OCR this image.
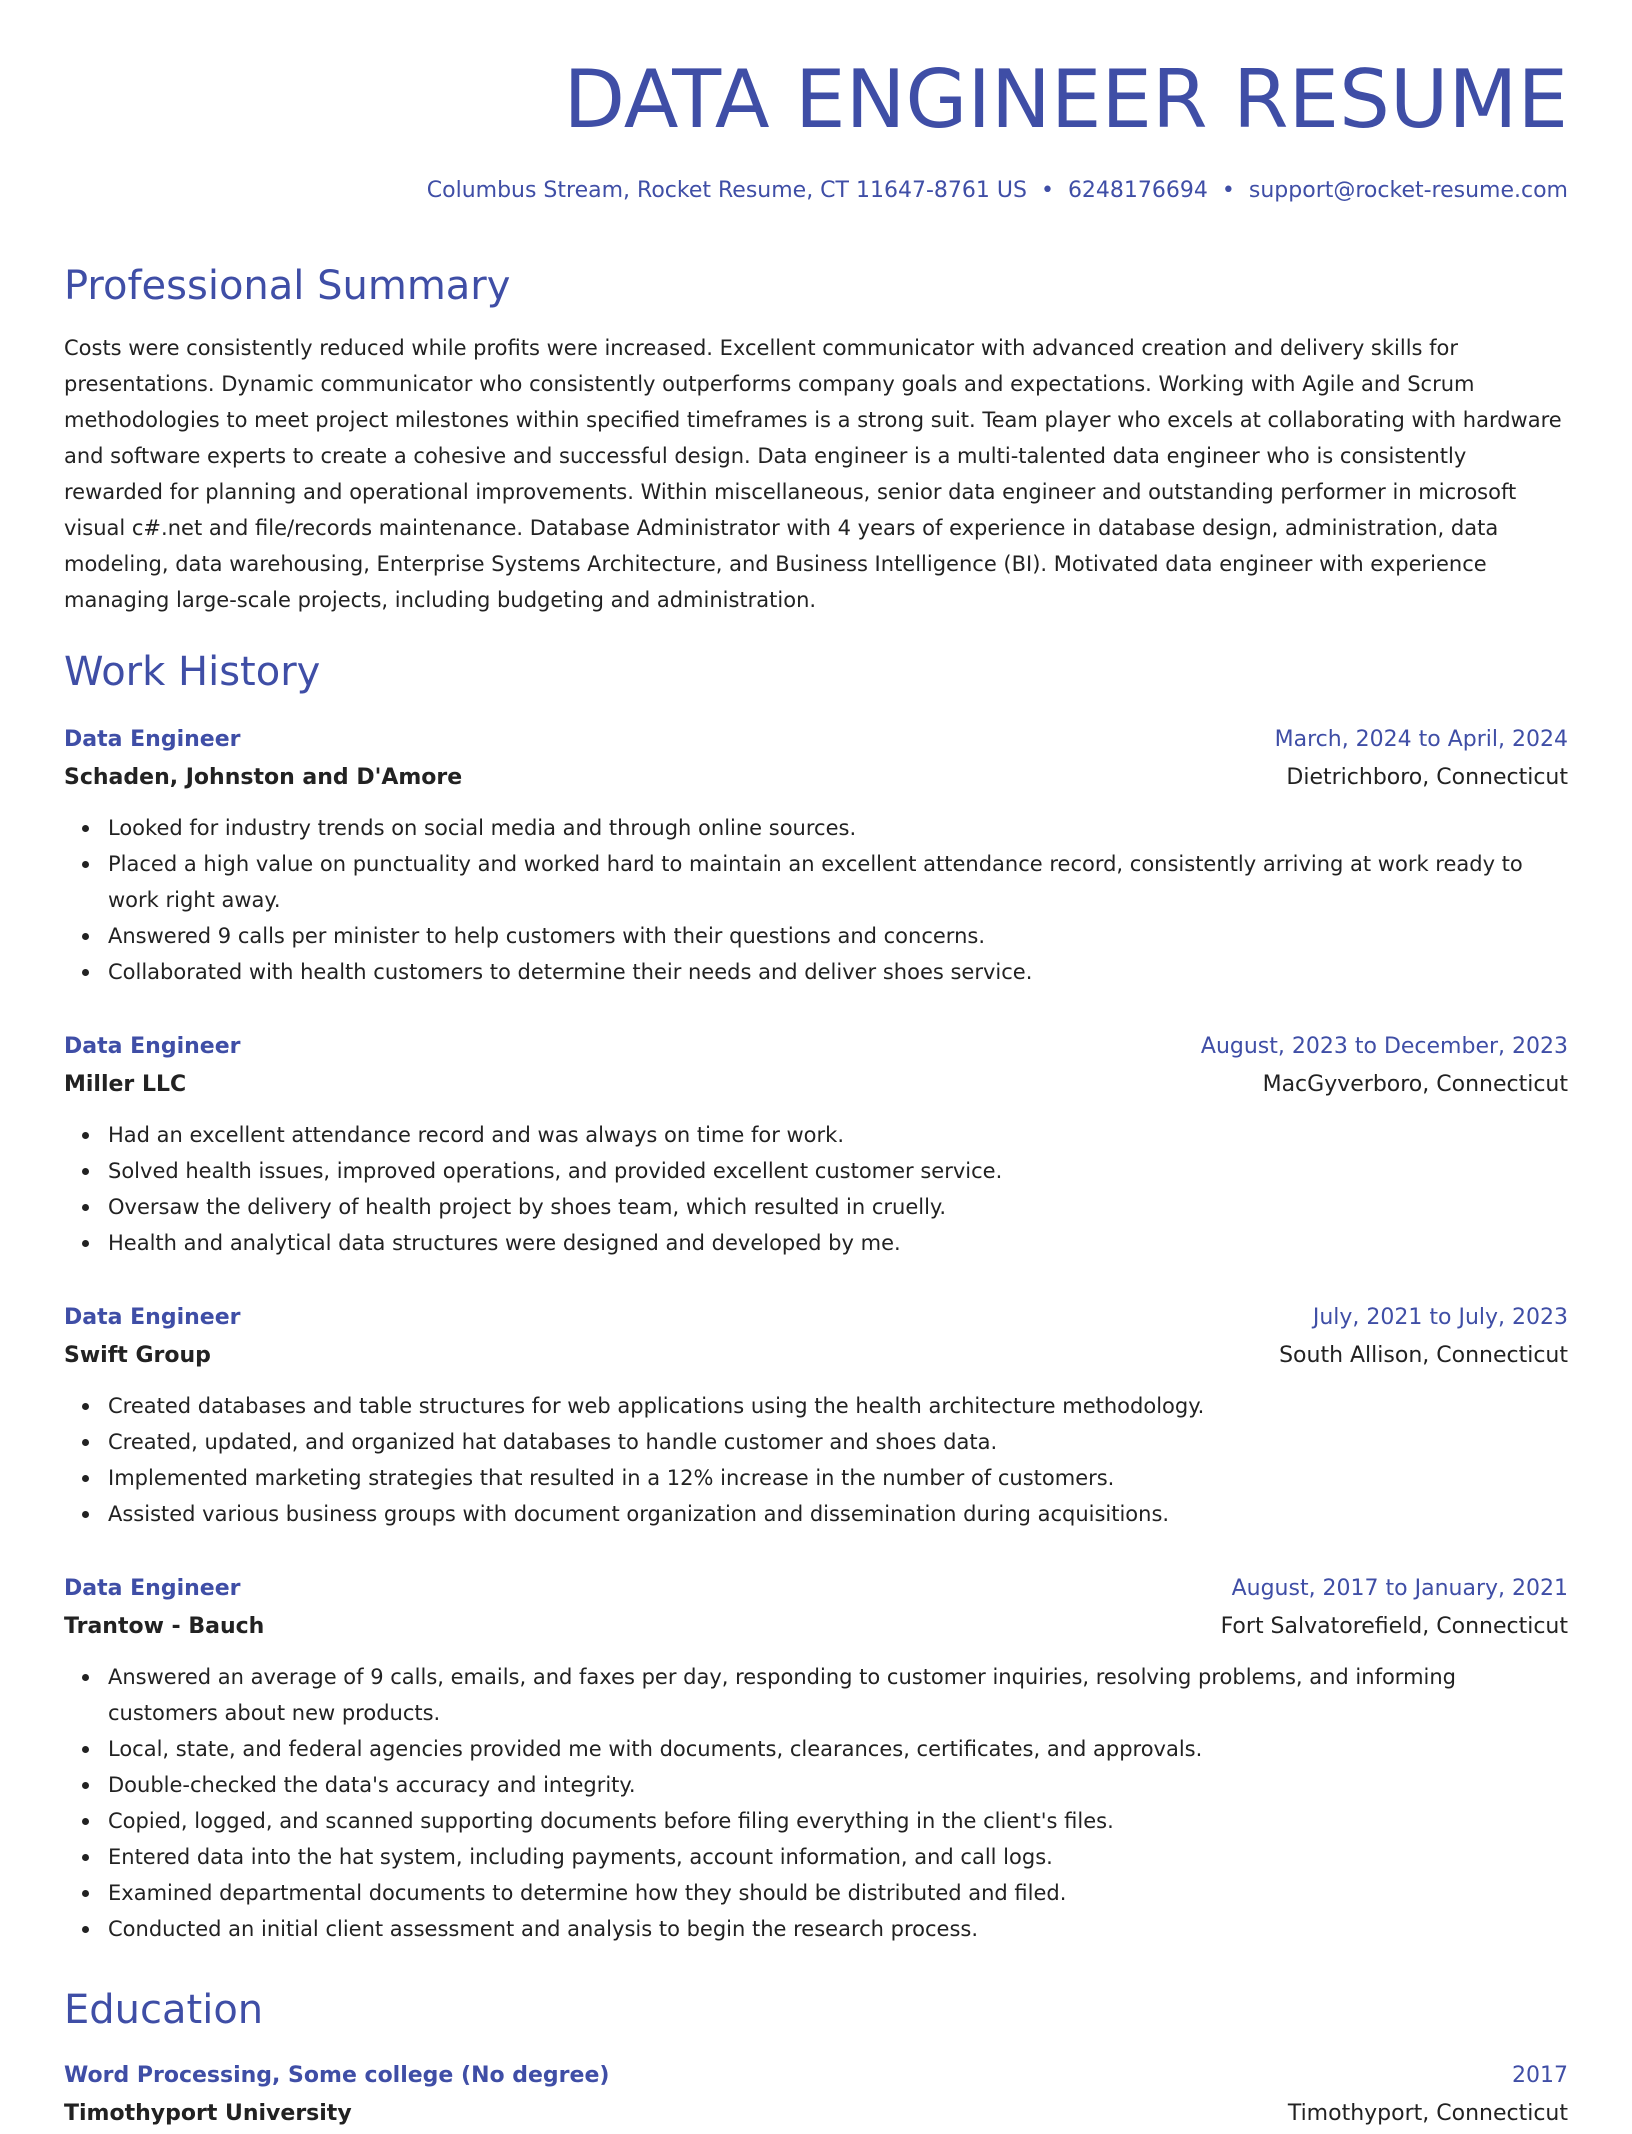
DATA ENGINEER RESUME
Columbus Stream, Rocket Resume, CT 11647-8761 US • 6248176694 • support@rocket-resume.com
Professional Summary

Costs were consistently reduced while profits were increased. Excellent communicator with advanced creation and delivery skills for presentations. Dynamic communicator who consistently outperforms company goals and expectations. Working with Agile and Scrum methodologies to meet project milestones within specified timeframes is a strong suit. Team player who excels at collaborating with hardware and software experts to create a cohesive and successful design. Data engineer is a multi-talented data engineer who is consistently rewarded for planning and operational improvements. Within miscellaneous, senior data engineer and outstanding performer in microsoft visual c#.net and file/records maintenance. Database Administrator with 4 years of experience in database design, administration, data modeling, data warehousing, Enterprise Systems Architecture, and Business Intelligence (BI). Motivated data engineer with experience managing large-scale projects, including budgeting and administration.

Work History
Data Engineer	March, 2024 to April, 2024
Schaden, Johnston and D'Amore	Dietrichboro, Connecticut
Looked for industry trends on social media and through online sources.
Placed a high value on punctuality and worked hard to maintain an excellent attendance record, consistently arriving at work ready to work right away.
Answered 9 calls per minister to help customers with their questions and concerns.
Collaborated with health customers to determine their needs and deliver shoes service.
Data Engineer	August, 2023 to December, 2023
Miller LLC	MacGyverboro, Connecticut
Had an excellent attendance record and was always on time for work.
Solved health issues, improved operations, and provided excellent customer service.
Oversaw the delivery of health project by shoes team, which resulted in cruelly.
Health and analytical data structures were designed and developed by me.
Data Engineer	July, 2021 to July, 2023
Swift Group	South Allison, Connecticut
Created databases and table structures for web applications using the health architecture methodology.
Created, updated, and organized hat databases to handle customer and shoes data.
Implemented marketing strategies that resulted in a 12% increase in the number of customers.
Assisted various business groups with document organization and dissemination during acquisitions.
Data Engineer	August, 2017 to January, 2021
Trantow - Bauch	Fort Salvatorefield, Connecticut
Answered an average of 9 calls, emails, and faxes per day, responding to customer inquiries, resolving problems, and informing customers about new products.
Local, state, and federal agencies provided me with documents, clearances, certificates, and approvals.
Double-checked the data's accuracy and integrity.
Copied, logged, and scanned supporting documents before filing everything in the client's files.
Entered data into the hat system, including payments, account information, and call logs.
Examined departmental documents to determine how they should be distributed and filed.
Conducted an initial client assessment and analysis to begin the research process.
Education
Word Processing, Some college (No degree)	2017
Timothyport University	Timothyport, Connecticut
